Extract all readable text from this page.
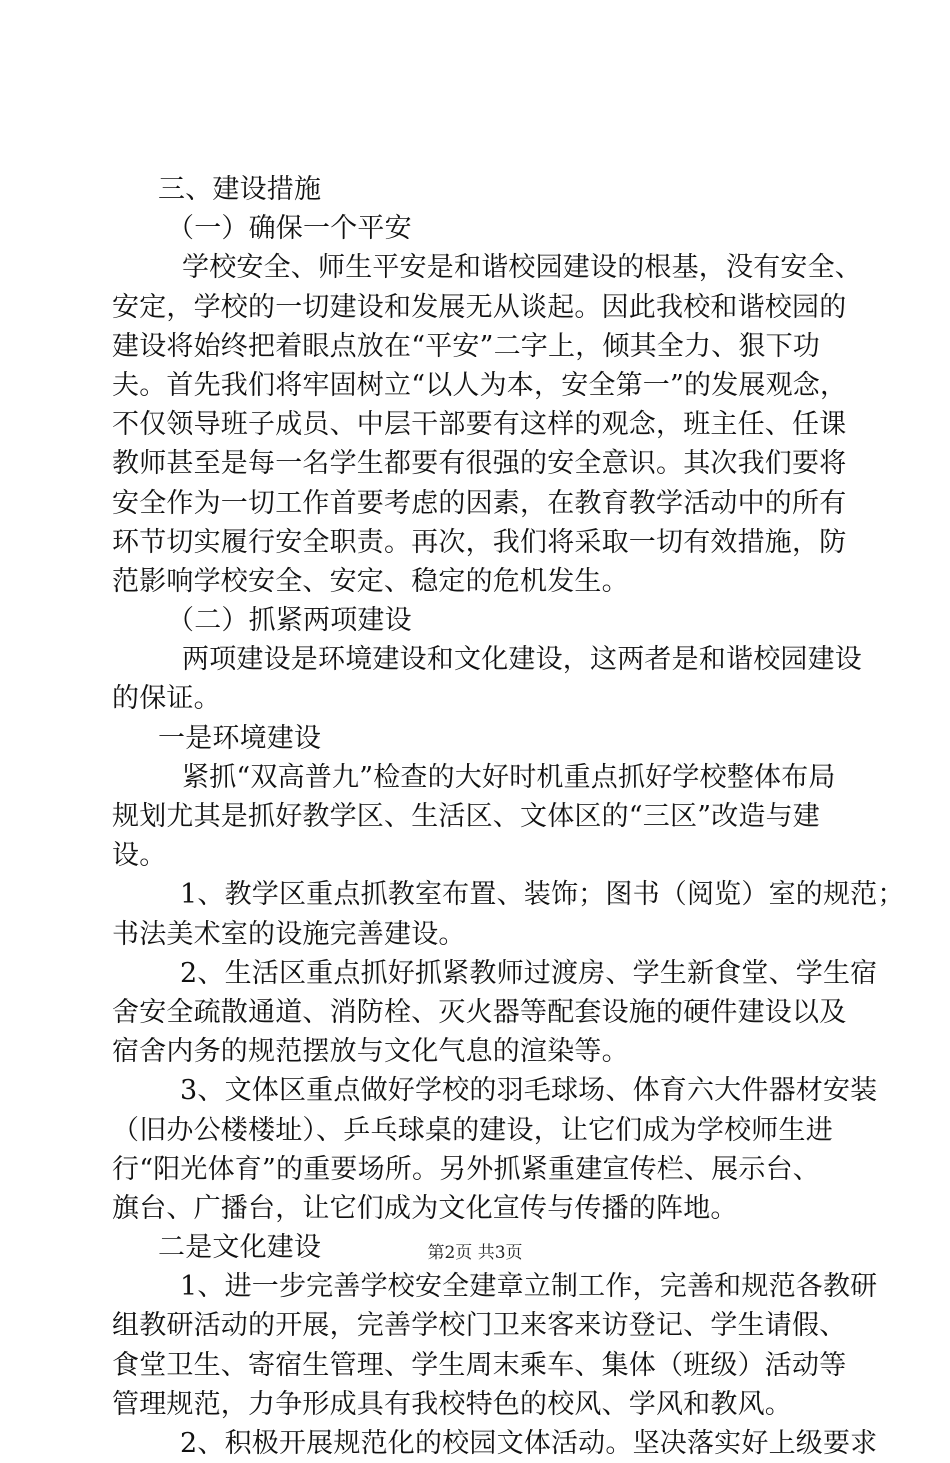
三、建设措施
（一）确保一个平安
学校安全、师生平安是和谐校园建设的根基，没有安全、
安定，学校的一切建设和发展无从谈起。因此我校和谐校园的
建设将始终把着眼点放在“平安”二字上，倾其全力、狠下功
夫。首先我们将牢固树立“以人为本，安全第一”的发展观念，
不仅领导班子成员、中层干部要有这样的观念，班主任、任课
教师甚至是每一名学生都要有很强的安全意识。其次我们要将
安全作为一切工作首要考虑的因素，在教育教学活动中的所有
环节切实履行安全职责。再次，我们将采取一切有效措施，防
范影响学校安全、安定、稳定的危机发生。
（二）抓紧两项建设
两项建设是环境建设和文化建设，这两者是和谐校园建设
的保证。
一是环境建设
紧抓“双高普九”检查的大好时机重点抓好学校整体布局
规划尤其是抓好教学区、生活区、文体区的“三区”改造与建
设。
1、教学区重点抓教室布置、装饰；图书（阅览）室的规范；
书法美术室的设施完善建设。
2、生活区重点抓好抓紧教师过渡房、学生新食堂、学生宿
舍安全疏散通道、消防栓、灭火器等配套设施的硬件建设以及
宿舍内务的规范摆放与文化气息的渲染等。
3、文体区重点做好学校的羽毛球场、体育六大件器材安装
（旧办公楼楼址）、乒乓球桌的建设，让它们成为学校师生进
行“阳光体育”的重要场所。另外抓紧重建宣传栏、展示台、
旗台、广播台，让它们成为文化宣传与传播的阵地。
二是文化建设
1、进一步完善学校安全建章立制工作，完善和规范各教研
组教研活动的开展，完善学校门卫来客来访登记、学生请假、
食堂卫生、寄宿生管理、学生周末乘车、集体（班级）活动等
管理规范，力争形成具有我校特色的校风、学风和教风。
2、积极开展规范化的校园文体活动。坚决落实好上级要求
第2页 共3页
